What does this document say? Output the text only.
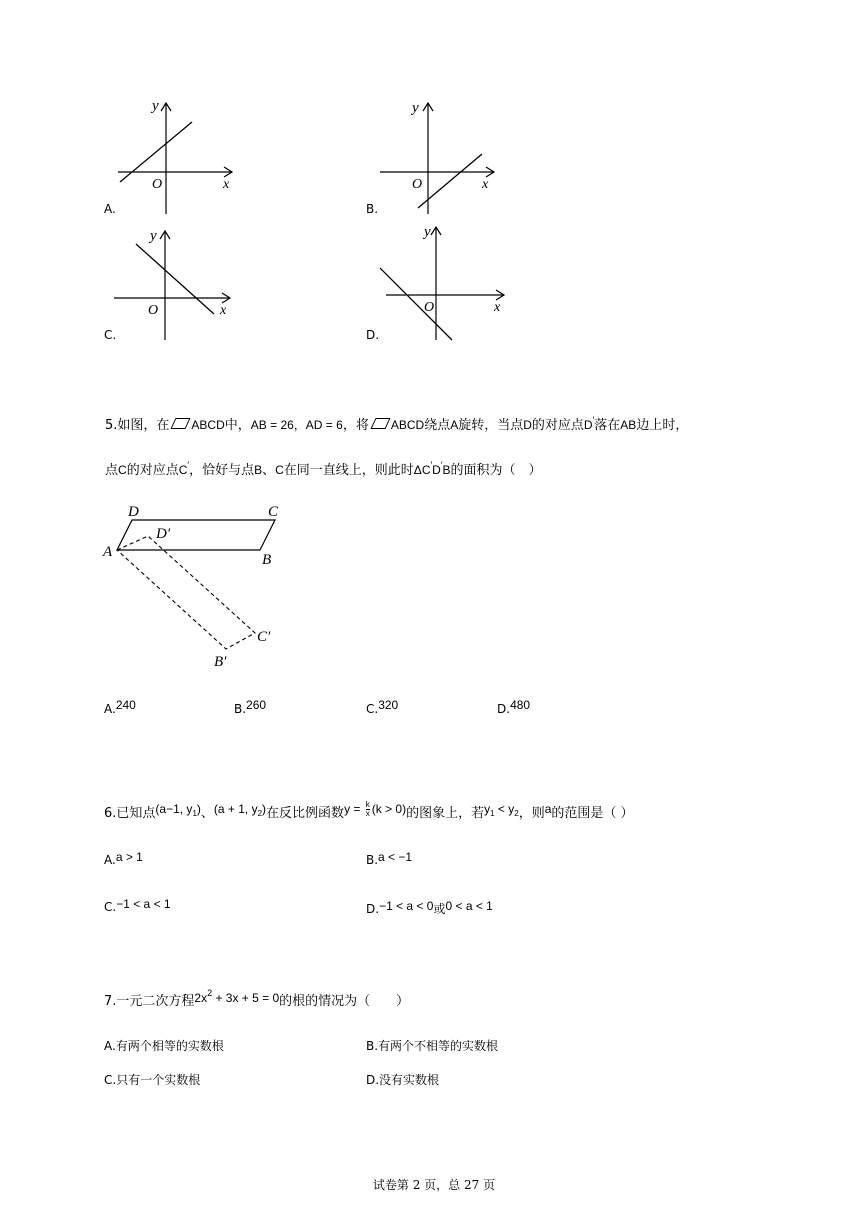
y
O	x
A.
y
O	x
B.
y
O	x
C.
y
O	x
D.
5.如图，在 ABCD中，AB = 26，AD = 6，将 ABCD绕点A旋转，当点D的对应点D′落在AB边上时，
点C的对应点C′，恰好与点B、C在同一直线上，则此时ΔC′D′B的面积为（　）
D	C
A	B
D′
C′
B′
A.240	B.260	C.320	D.480
6.已知点(a−1, $y_1$)、(a + 1, $y_2$)在反比例函数$y = \frac{k}{x} (k > 0)$的图象上，若$y_1 < y_2$，则a的范围是（ ）
A.a > 1	B.a < −1
C.−1 < a < 1	D.−1 < a < 0或0 < a < 1
7.一元二次方程$2x^2 + 3x + 5 = 0$的根的情况为（　　）
A.有两个相等的实数根	B.有两个不相等的实数根
C.只有一个实数根	D.没有实数根
试卷第 2 页，总 27 页
